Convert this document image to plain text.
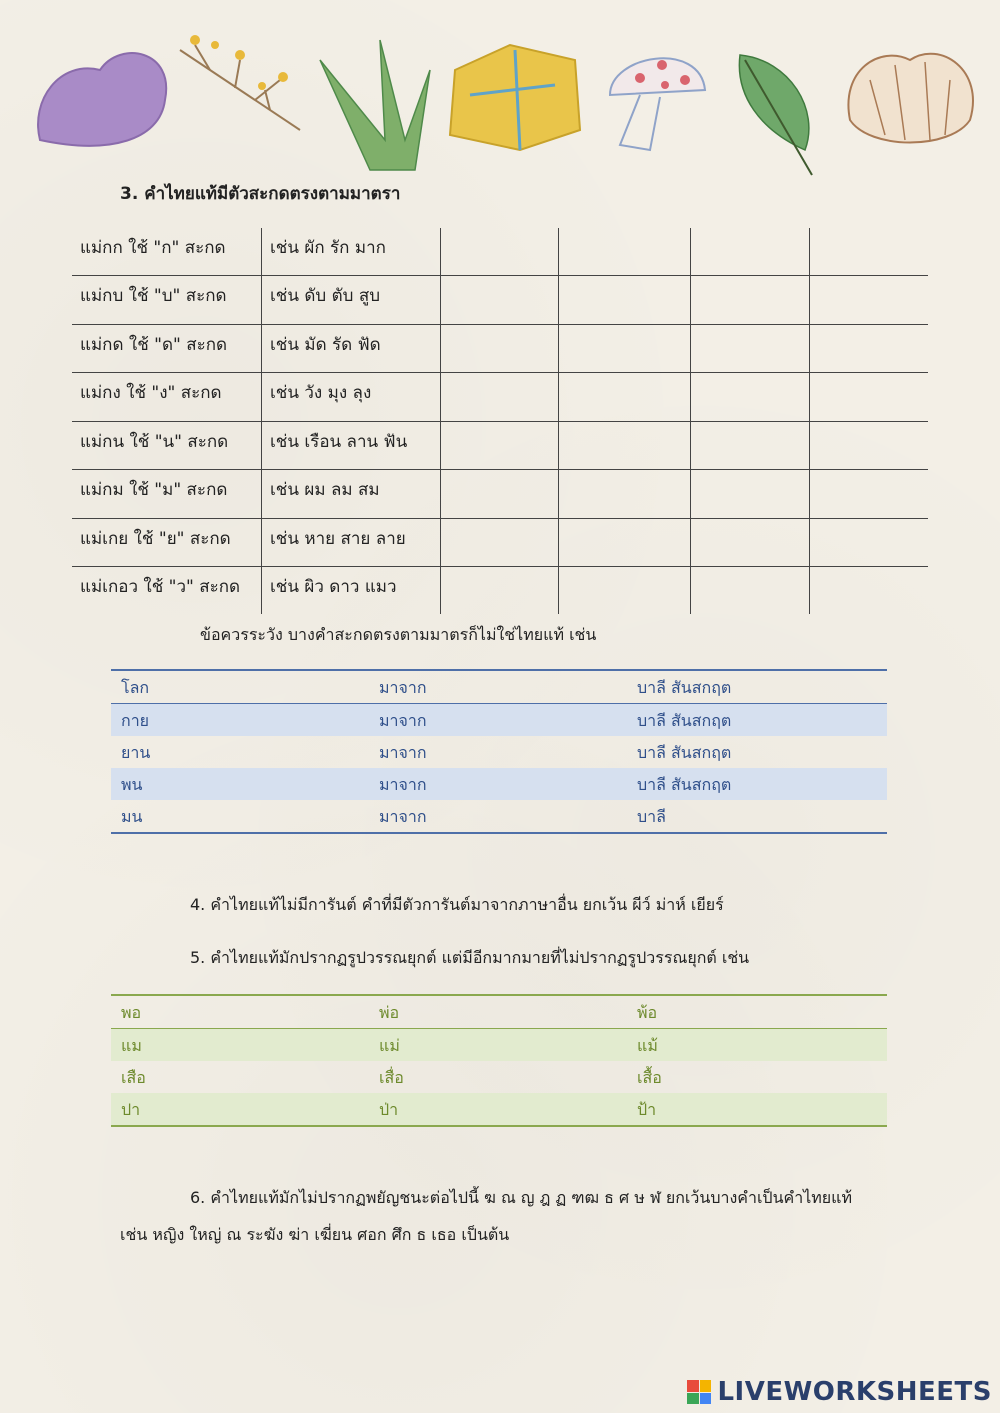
3. คำไทยแท้มีตัวสะกดตรงตามมาตรา
แม่กก ใช้ "ก" สะกด	เช่น ผัก รัก มาก
แม่กบ ใช้ "บ" สะกด	เช่น ดับ ตับ สูบ
แม่กด ใช้ "ด" สะกด	เช่น มัด รัด ฟัด
แม่กง ใช้ "ง" สะกด	เช่น วัง มุง ลุง
แม่กน ใช้ "น" สะกด เช่น เรือน ลาน ฟัน
แม่กม ใช้ "ม" สะกด	เช่น ผม ลม สม
แม่เกย ใช้ "ย" สะกด เช่น หาย สาย ลาย
แม่เกอว ใช้ "ว" สะกด เช่น ผิว ดาว แมว
ข้อควรระวัง บางคำสะกดตรงตามมาตรก็ไม่ใช่ไทยแท้ เช่น
โลก	มาจาก	บาลี สันสกฤต
กาย	มาจาก	บาลี สันสกฤต
ยาน	มาจาก	บาลี สันสกฤต
พน	มาจาก	บาลี สันสกฤต
มน	มาจาก	บาลี
4. คำไทยแท้ไม่มีการันต์ คำที่มีตัวการันต์มาจากภาษาอื่น ยกเว้น ผีว์ ม่าห์ เยียร์
5. คำไทยแท้มักปรากฏรูปวรรณยุกต์ แต่มีอีกมากมายที่ไม่ปรากฏรูปวรรณยุกต์ เช่น
พอ	พ่อ	พ้อ
แม	แม่	แม้
เสือ	เสื่อ	เสื้อ
ปา	ป่า	ป้า
6. คำไทยแท้มักไม่ปรากฏพยัญชนะต่อไปนี้ ฆ ณ ญ ฎ ฏ ฑฒ ธ ศ ษ ฬ ยกเว้นบางคำเป็นคำไทยแท้
เช่น หญิง ใหญ่ ณ ระฆัง ฆ่า เฆี่ยน ศอก ศึก ธ เธอ เป็นต้น
LIVEWORKSHEETS
